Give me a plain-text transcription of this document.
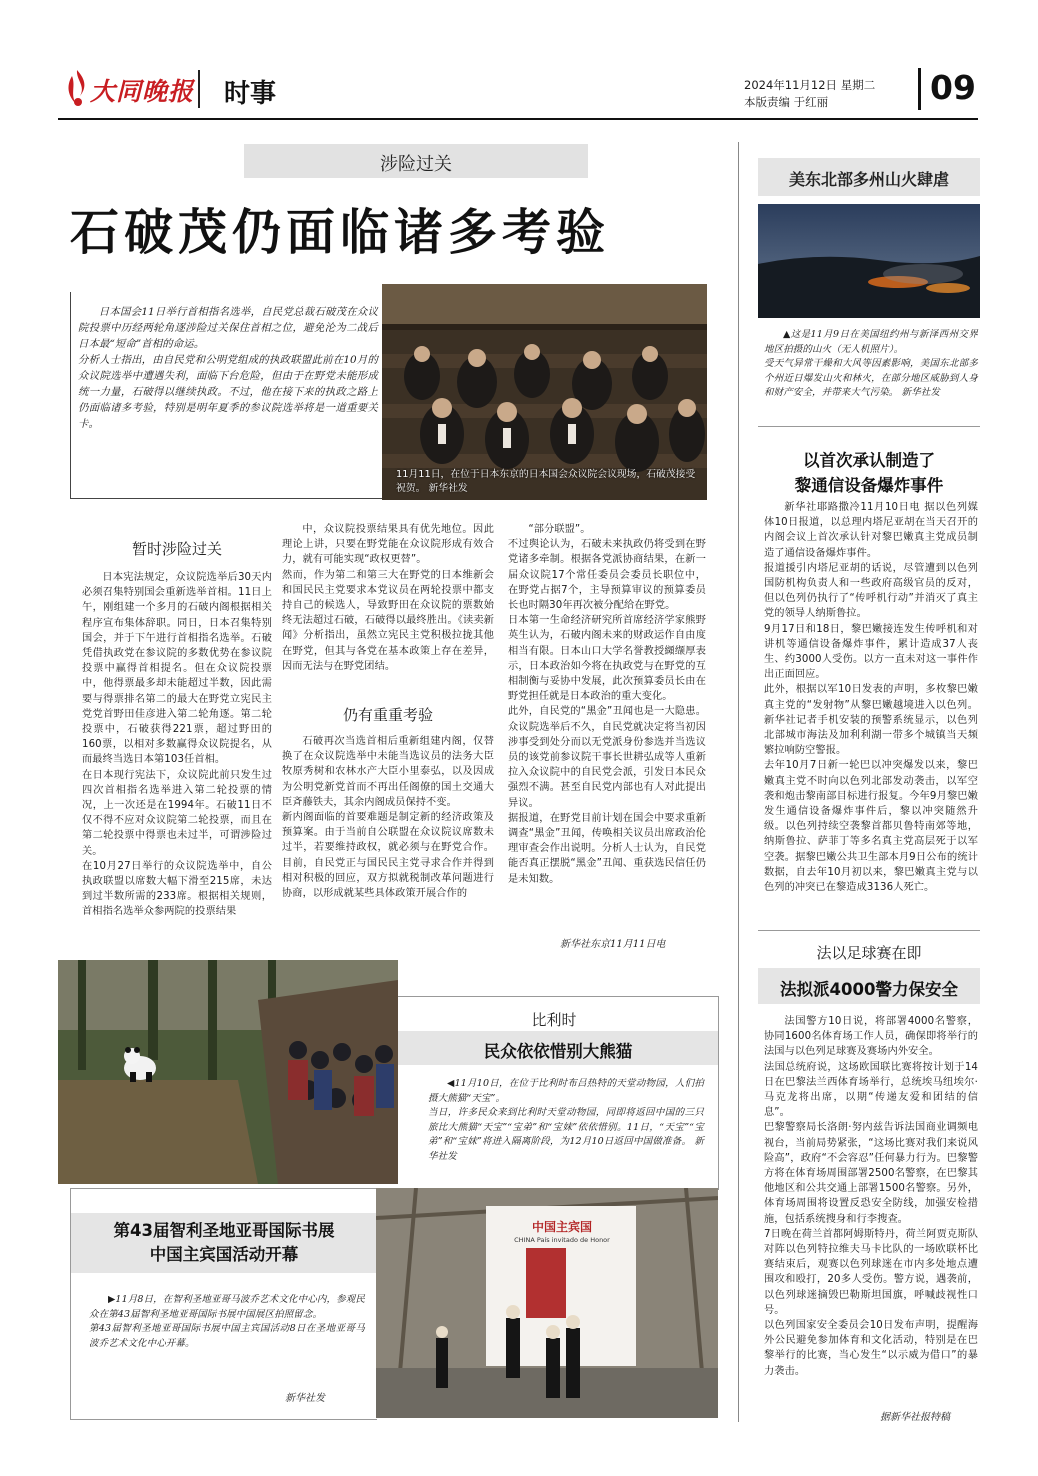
大同晚报 时事	2024年11月12日 星期二
本版责编 于红丽	09
涉险过关
石破茂仍面临诸多考验
日本国会11日举行首相指名选举，自民党总裁石破茂在众议院投票中历经两轮角逐涉险过关保住首相之位，避免沦为二战后日本最“短命”首相的命运。
分析人士指出，由自民党和公明党组成的执政联盟此前在10月的众议院选举中遭遇失利，面临下台危险，但由于在野党未能形成统一力量，石破得以继续执政。不过，他在接下来的执政之路上仍面临诸多考验，特别是明年夏季的参议院选举将是一道重要关卡。
11月11日，在位于日本东京的日本国会众议院会议现场，石破茂接受祝贺。 新华社发
暂时涉险过关
日本宪法规定，众议院选举后30天内必须召集特别国会重新选举首相。11日上午，刚组建一个多月的石破内阁根据相关程序宣布集体辞职。同日，日本召集特别国会，并于下午进行首相指名选举。石破凭借执政党在参议院的多数优势在参议院投票中赢得首相提名。但在众议院投票中，他得票最多却未能超过半数，因此需要与得票排名第二的最大在野党立宪民主党党首野田佳彦进入第二轮角逐。第二轮投票中，石破获得221票，超过野田的160票，以相对多数赢得众议院提名，从而最终当选日本第103任首相。
在日本现行宪法下，众议院此前只发生过四次首相指名选举进入第二轮投票的情况，上一次还是在1994年。石破11日不仅不得不应对众议院第二轮投票，而且在第二轮投票中得票也未过半，可谓涉险过关。
在10月27日举行的众议院选举中，自公执政联盟以席数大幅下滑至215席，未达到过半数所需的233席。根据相关规则，首相指名选举众参两院的投票结果
中，众议院投票结果具有优先地位。因此理论上讲，只要在野党能在众议院形成有效合力，就有可能实现“政权更替”。
然而，作为第二和第三大在野党的日本维新会和国民民主党要求本党议员在两轮投票中都支持自己的候选人，导致野田在众议院的票数始终无法超过石破，石破得以最终胜出。《读卖新闻》分析指出，虽然立宪民主党积极拉拢其他在野党，但其与各党在基本政策上存在差异，因而无法与在野党团结。
仍有重重考验
石破再次当选首相后重新组建内阁，仅替换了在众议院选举中未能当选议员的法务大臣牧原秀树和农林水产大臣小里泰弘，以及因成为公明党新党首而不再出任阁僚的国土交通大臣斉藤铁夫，其余内阁成员保持不变。
新内阁面临的首要难题是制定新的经济政策及预算案。由于当前自公联盟在众议院议席数未过半，若要维持政权，就必须与在野党合作。目前，自民党正与国民民主党寻求合作并得到相对积极的回应，双方拟就税制改革问题进行协商，以形成就某些具体政策开展合作的
“部分联盟”。
不过舆论认为，石破未来执政仍将受到在野党诸多牵制。根据各党派协商结果，在新一届众议院17个常任委员会委员长职位中，在野党占据7个，主导预算审议的预算委员长也时隔30年再次被分配给在野党。
日本第一生命经济研究所首席经济学家熊野英生认为，石破内阁未来的财政运作自由度相当有限。日本山口大学名誉教授纐缬厚表示，日本政治如今将在执政党与在野党的互相制衡与妥协中发展，此次预算委员长由在野党担任就是日本政治的重大变化。
此外，自民党的“黑金”丑闻也是一大隐患。众议院选举后不久，自民党就决定将当初因涉事受到处分而以无党派身份参选并当选议员的该党前参议院干事长世耕弘成等人重新拉入众议院中的自民党会派，引发日本民众强烈不满。甚至自民党内部也有人对此提出异议。
据报道，在野党目前计划在国会中要求重新调查“黑金”丑闻，传唤相关议员出席政治伦理审查会作出说明。分析人士认为，自民党能否真正摆脱“黑金”丑闻、重获选民信任仍是未知数。
新华社东京11月11日电
美东北部多州山火肆虐
▲这是11月9日在美国纽约州与新泽西州交界地区拍摄的山火（无人机照片）。
受天气异常干燥和大风等因素影响，美国东北部多个州近日爆发山火和林火，在部分地区威胁到人身和财产安全，并带来大气污染。 新华社发
以首次承认制造了
黎通信设备爆炸事件
新华社耶路撒冷11月10日电 据以色列媒体10日报道，以总理内塔尼亚胡在当天召开的内阁会议上首次承认针对黎巴嫩真主党成员制造了通信设备爆炸事件。
报道援引内塔尼亚胡的话说，尽管遭到以色列国防机构负责人和一些政府高级官员的反对，但以色列仍执行了“传呼机行动”并消灭了真主党的领导人纳斯鲁拉。
9月17日和18日，黎巴嫩接连发生传呼机和对讲机等通信设备爆炸事件，累计造成37人丧生、约3000人受伤。以方一直未对这一事件作出正面回应。
此外，根据以军10日发表的声明，多枚黎巴嫩真主党的“发射物”从黎巴嫩越境进入以色列。新华社记者手机安装的预警系统显示，以色列北部城市海法及加利利湖一带多个城镇当天频繁拉响防空警报。
去年10月7日新一轮巴以冲突爆发以来，黎巴嫩真主党不时向以色列北部发动袭击，以军空袭和炮击黎南部目标进行报复。今年9月黎巴嫩发生通信设备爆炸事件后，黎以冲突随然升级。以色列持续空袭黎首都贝鲁特南郊等地，纳斯鲁拉、萨菲丁等多名真主党高层死于以军空袭。据黎巴嫩公共卫生部本月9日公布的统计数据，自去年10月初以来，黎巴嫩真主党与以色列的冲突已在黎造成3136人死亡。
法以足球赛在即
法拟派4000警力保安全
法国警方10日说，将部署4000名警察，协同1600名体育场工作人员，确保即将举行的法国与以色列足球赛及赛场内外安全。
法国总统府说，这场欧国联比赛将按计划于14日在巴黎法兰西体育场举行，总统埃马纽埃尔·马克龙将出席，以期“传递友爱和团结的信息”。
巴黎警察局长洛朗·努内兹告诉法国商业调频电视台，当前局势紧张，“这场比赛对我们来说风险高”，政府“不会容忍”任何暴力行为。巴黎警方将在体育场周围部署2500名警察，在巴黎其他地区和公共交通上部署1500名警察。另外，体育场周围将设置反恐安全防线，加强安检措施，包括系统搜身和行李搜查。
7日晚在荷兰首都阿姆斯特丹，荷兰阿贾克斯队对阵以色列特拉维夫马卡比队的一场欧联杯比赛结束后，观赛以色列球迷在市内多处地点遭围攻和殴打，20多人受伤。警方说，遇袭前，以色列球迷摘毁巴勒斯坦国旗，呼喊歧视性口号。
以色列国家安全委员会10日发布声明，提醒海外公民避免参加体育和文化活动，特别是在巴黎举行的比赛，当心发生“以示威为借口”的暴力袭击。
据新华社报特稿
比利时
民众依依惜别大熊猫
◀11月10日，在位于比利时布吕热特的天堂动物园，人们拍摄大熊猫“天宝”。
当日，许多民众来到比利时天堂动物园，同即将返回中国的三只旅比大熊猫“天宝”“宝弟”和“宝妹”依依惜别。11日，“天宝”“宝弟”和“宝妹”将进入隔离阶段，为12月10日返回中国做准备。 新华社发
第43届智利圣地亚哥国际书展
中国主宾国活动开幕
▶11月8日，在智利圣地亚哥马波乔艺术文化中心内，参观民众在第43届智利圣地亚哥国际书展中国展区拍照留念。
第43届智利圣地亚哥国际书展中国主宾国活动8日在圣地亚哥马波乔艺术文化中心开幕。
新华社发
中国主宾国
CHINA País invitado de Honor
